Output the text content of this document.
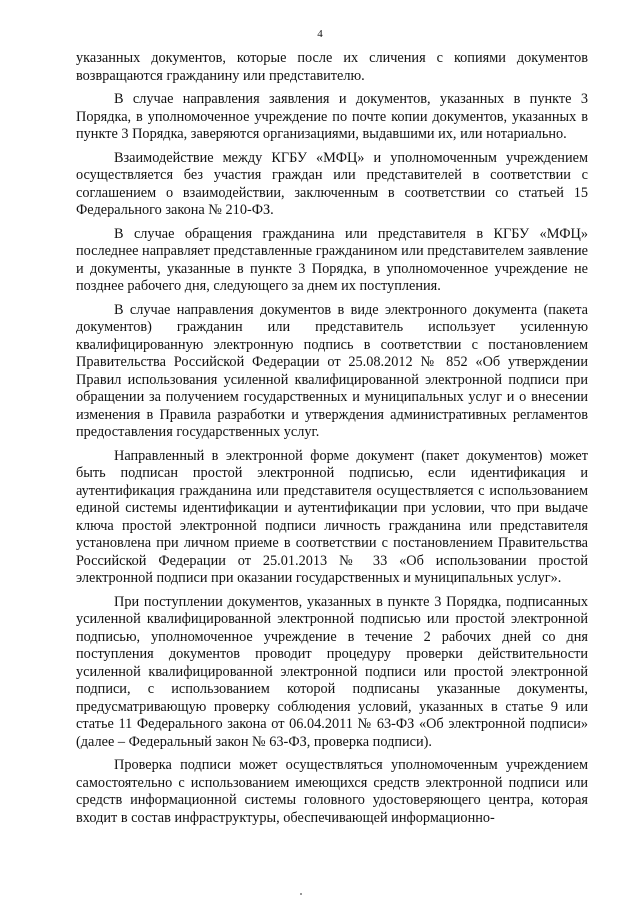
4

указанных документов, которые после их сличения с копиями документов возвращаются гражданину или представителю.

В случае направления заявления и документов, указанных в пункте 3 Порядка, в уполномоченное учреждение по почте копии документов, указанных в пункте 3 Порядка, заверяются организациями, выдавшими их, или нотариально.

Взаимодействие между КГБУ «МФЦ» и уполномоченным учреждением осуществляется без участия граждан или представителей в соответствии с соглашением о взаимодействии, заключенным в соответствии со статьей 15 Федерального закона № 210-ФЗ.

В случае обращения гражданина или представителя в КГБУ «МФЦ» последнее направляет представленные гражданином или представителем заявление и документы, указанные в пункте 3 Порядка, в уполномоченное учреждение не позднее рабочего дня, следующего за днем их поступления.

В случае направления документов в виде электронного документа (пакета документов) гражданин или представитель использует усиленную квалифицированную электронную подпись в соответствии с постановлением Правительства Российской Федерации от 25.08.2012 № 852 «Об утверждении Правил использования усиленной квалифицированной электронной подписи при обращении за получением государственных и муниципальных услуг и о внесении изменения в Правила разработки и утверждения административных регламентов предоставления государственных услуг.

Направленный в электронной форме документ (пакет документов) может быть подписан простой электронной подписью, если идентификация и аутентификация гражданина или представителя осуществляется с использованием единой системы идентификации и аутентификации при условии, что при выдаче ключа простой электронной подписи личность гражданина или представителя установлена при личном приеме в соответствии с постановлением Правительства Российской Федерации от 25.01.2013 № 33 «Об использовании простой электронной подписи при оказании государственных и муниципальных услуг».

При поступлении документов, указанных в пункте 3 Порядка, подписанных усиленной квалифицированной электронной подписью или простой электронной подписью, уполномоченное учреждение в течение 2 рабочих дней со дня поступления документов проводит процедуру проверки действительности усиленной квалифицированной электронной подписи или простой электронной подписи, с использованием которой подписаны указанные документы, предусматривающую проверку соблюдения условий, указанных в статье 9 или статье 11 Федерального закона от 06.04.2011 № 63-ФЗ «Об электронной подписи» (далее – Федеральный закон № 63-ФЗ, проверка подписи).

Проверка подписи может осуществляться уполномоченным учреждением самостоятельно с использованием имеющихся средств электронной подписи или средств информационной системы головного удостоверяющего центра, которая входит в состав инфраструктуры, обеспечивающей информационно-
